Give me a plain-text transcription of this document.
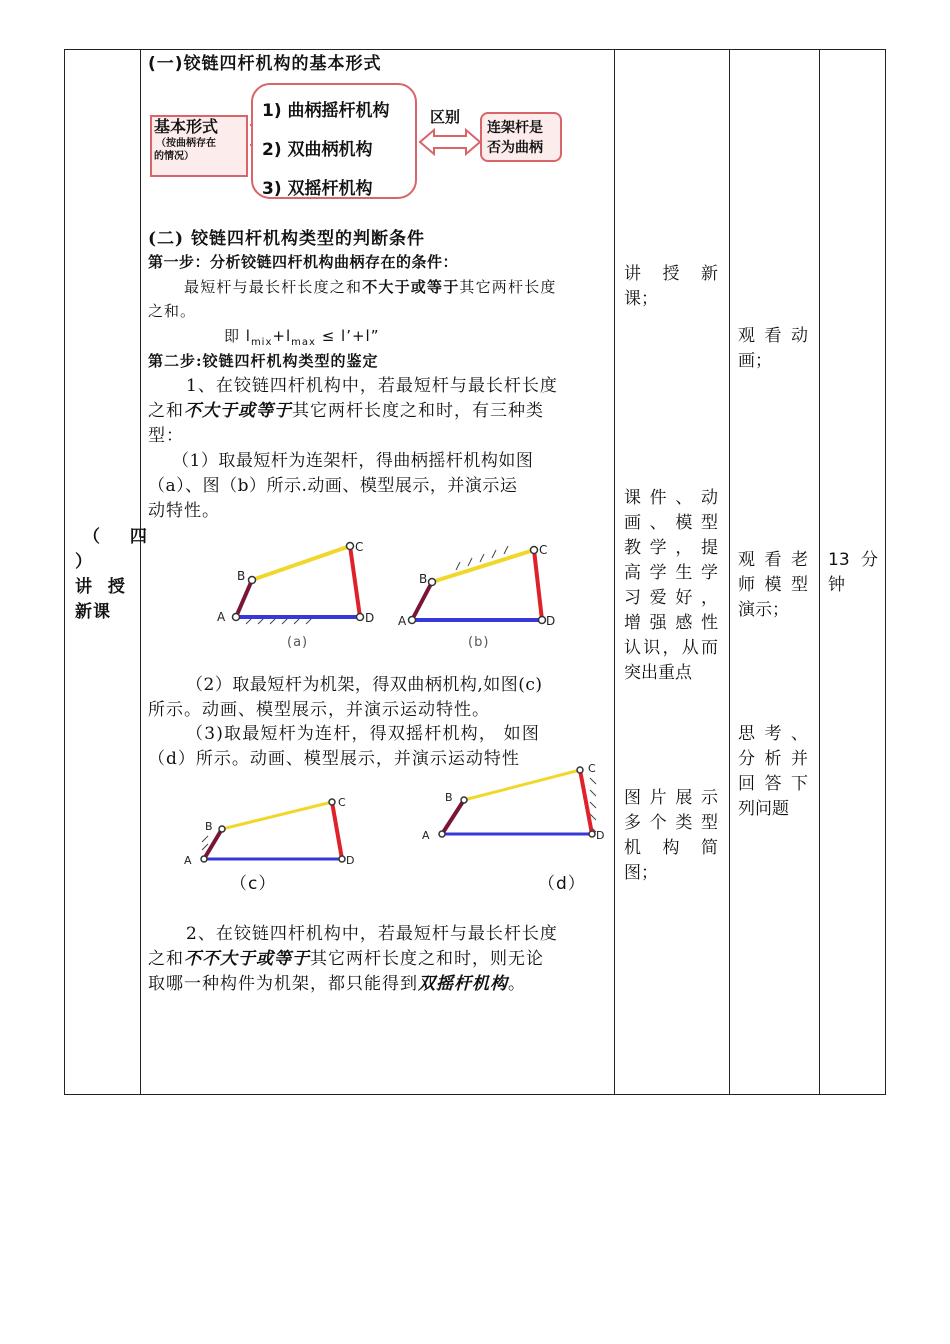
（ 四
）
讲 授
新课
(一)铰链四杆机构的基本形式
基本形式
（按曲柄存在
的情况）
1) 曲柄摇杆机构
2) 双曲柄机构
3) 双摇杆机构
区别
连架杆是
否为曲柄
(二) 铰链四杆机构类型的判断条件
第一步：分析铰链四杆机构曲柄存在的条件：
最短杆与最长杆长度之和不大于或等于其它两杆长度
之和。
即 $l_{mix}+l_{max}$ ≤ l’+l”
第二步:铰链四杆机构类型的鉴定
1、在铰链四杆机构中，若最短杆与最长杆长度
之和不大于或等于其它两杆长度之和时，有三种类
型：
（1）取最短杆为连架杆，得曲柄摇杆机构如图
（a）、图（b）所示.动画、模型展示，并演示运
动特性。
A
B
C
D
(a)
A
B
C
D
(b)
（2）取最短杆为机架，得双曲柄机构,如图(c)
所示。动画、模型展示，并演示运动特性。
（3)取最短杆为连杆，得双摇杆机构， 如图
（d）所示。动画、模型展示，并演示运动特性
A
B
C
D
（c）
A
B
C
D
（d）
2、在铰链四杆机构中，若最短杆与最长杆长度
之和不不大于或等于其它两杆长度之和时，则无论
取哪一种构件为机架，都只能得到双摇杆机构。
讲 授 新
课；
课件、动
画、模型
教学，提
高学生学
习爱好，
增强感性
认识，从而
突出重点
图片展示
多个类型
机 构 简
图；
观 看 动
画；
观看老
师模型
演示；
思考、
分析并
回答下
列问题
13 分
钟
